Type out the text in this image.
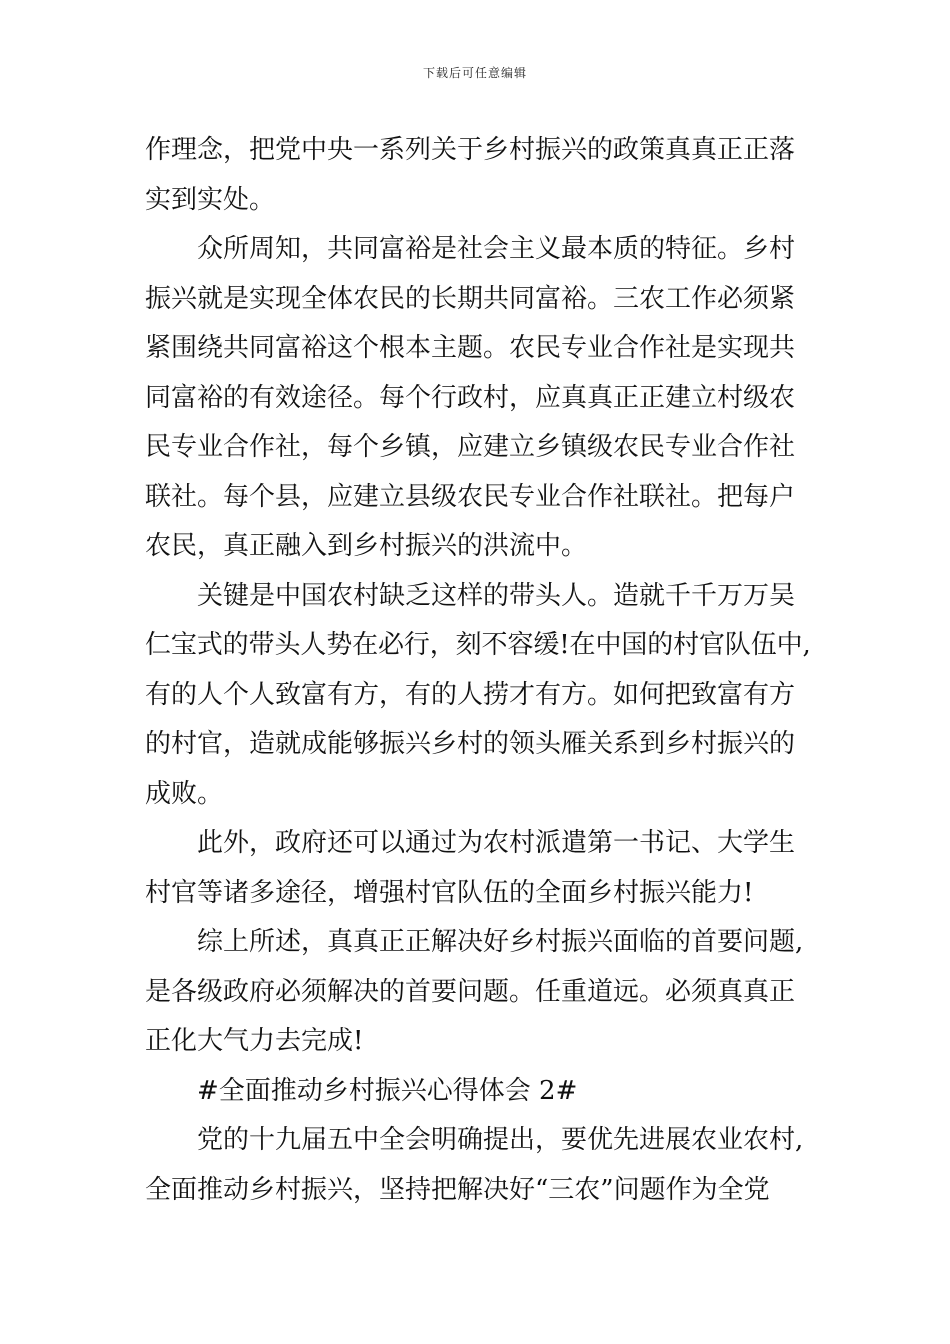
下载后可任意编辑
作理念，把党中央一系列关于乡村振兴的政策真真正正落
实到实处。
众所周知，共同富裕是社会主义最本质的特征。乡村
振兴就是实现全体农民的长期共同富裕。三农工作必须紧
紧围绕共同富裕这个根本主题。农民专业合作社是实现共
同富裕的有效途径。每个行政村，应真真正正建立村级农
民专业合作社，每个乡镇，应建立乡镇级农民专业合作社
联社。每个县，应建立县级农民专业合作社联社。把每户
农民，真正融入到乡村振兴的洪流中。
关键是中国农村缺乏这样的带头人。造就千千万万吴
仁宝式的带头人势在必行，刻不容缓!在中国的村官队伍中,
有的人个人致富有方，有的人捞才有方。如何把致富有方
的村官，造就成能够振兴乡村的领头雁关系到乡村振兴的
成败。
此外，政府还可以通过为农村派遣第一书记、大学生
村官等诸多途径，增强村官队伍的全面乡村振兴能力!
综上所述，真真正正解决好乡村振兴面临的首要问题,
是各级政府必须解决的首要问题。任重道远。必须真真正
正化大气力去完成!
#全面推动乡村振兴心得体会 2#
党的十九届五中全会明确提出，要优先进展农业农村,
全面推动乡村振兴，坚持把解决好“三农”问题作为全党
